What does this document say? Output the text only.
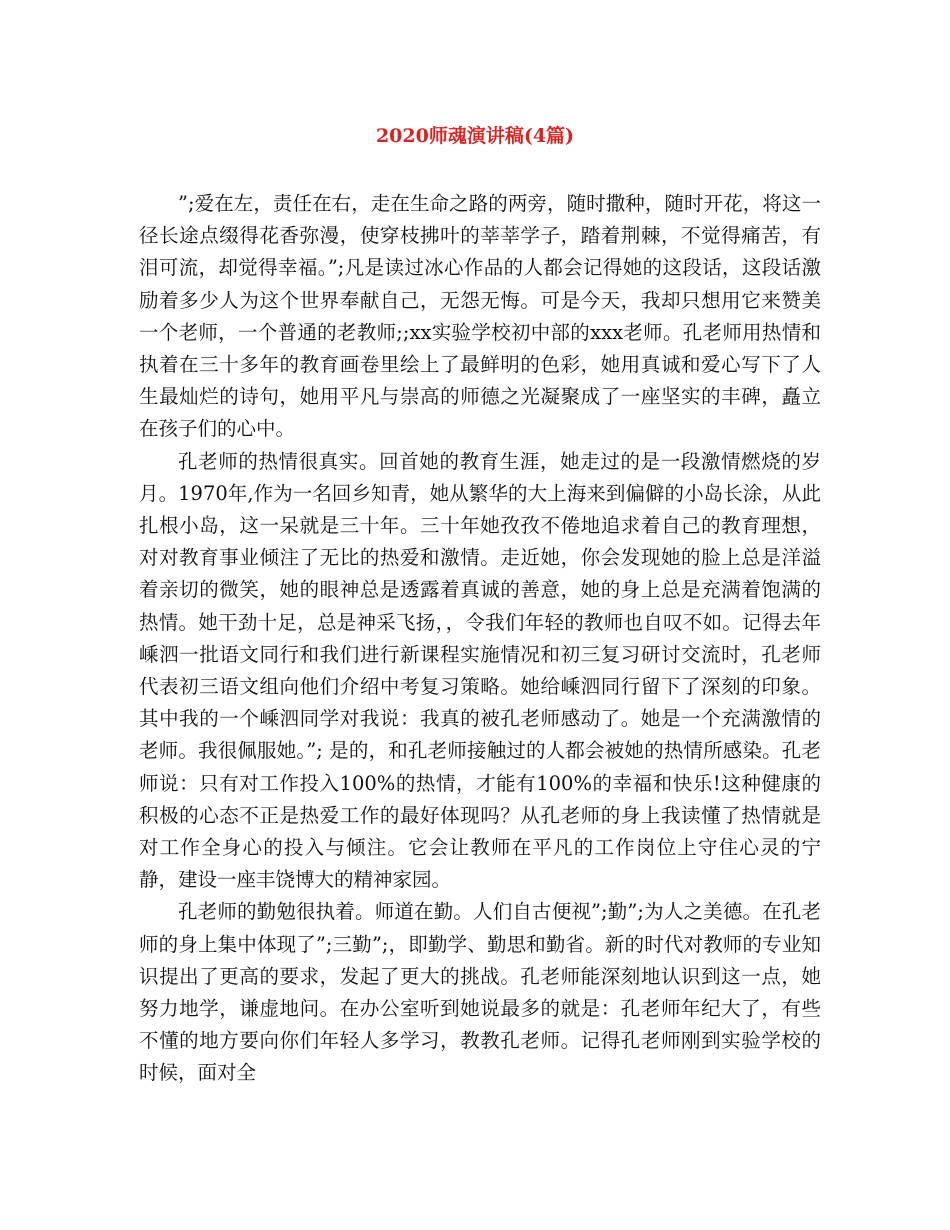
2020师魂演讲稿(4篇)

”;爱在左，责任在右，走在生命之路的两旁，随时撒种，随时开花，将这一径长途点缀得花香弥漫，使穿枝拂叶的莘莘学子，踏着荆棘，不觉得痛苦，有泪可流，却觉得幸福。”;凡是读过冰心作品的人都会记得她的这段话，这段话激励着多少人为这个世界奉献自己，无怨无悔。可是今天，我却只想用它来赞美一个老师，一个普通的老教师;;xx实验学校初中部的xxx老师。孔老师用热情和执着在三十多年的教育画卷里绘上了最鲜明的色彩，她用真诚和爱心写下了人生最灿烂的诗句，她用平凡与崇高的师德之光凝聚成了一座坚实的丰碑，矗立在孩子们的心中。

孔老师的热情很真实。回首她的教育生涯，她走过的是一段激情燃烧的岁月。1970年,作为一名回乡知青，她从繁华的大上海来到偏僻的小岛长涂，从此扎根小岛，这一呆就是三十年。三十年她孜孜不倦地追求着自己的教育理想，对对教育事业倾注了无比的热爱和激情。走近她，你会发现她的脸上总是洋溢着亲切的微笑，她的眼神总是透露着真诚的善意，她的身上总是充满着饱满的热情。她干劲十足，总是神采飞扬，，令我们年轻的教师也自叹不如。记得去年嵊泗一批语文同行和我们进行新课程实施情况和初三复习研讨交流时，孔老师代表初三语文组向他们介绍中考复习策略。她给嵊泗同行留下了深刻的印象。其中我的一个嵊泗同学对我说：我真的被孔老师感动了。她是一个充满激情的老师。我很佩服她。”; 是的，和孔老师接触过的人都会被她的热情所感染。孔老师说：只有对工作投入100%的热情，才能有100%的幸福和快乐!这种健康的积极的心态不正是热爱工作的最好体现吗？从孔老师的身上我读懂了热情就是对工作全身心的投入与倾注。它会让教师在平凡的工作岗位上守住心灵的宁静，建设一座丰饶博大的精神家园。

孔老师的勤勉很执着。师道在勤。人们自古便视”;勤”;为人之美德。在孔老师的身上集中体现了”;三勤”;，即勤学、勤思和勤省。新的时代对教师的专业知识提出了更高的要求，发起了更大的挑战。孔老师能深刻地认识到这一点，她努力地学，谦虚地问。在办公室听到她说最多的就是：孔老师年纪大了，有些不懂的地方要向你们年轻人多学习，教教孔老师。记得孔老师刚到实验学校的时候，面对全
